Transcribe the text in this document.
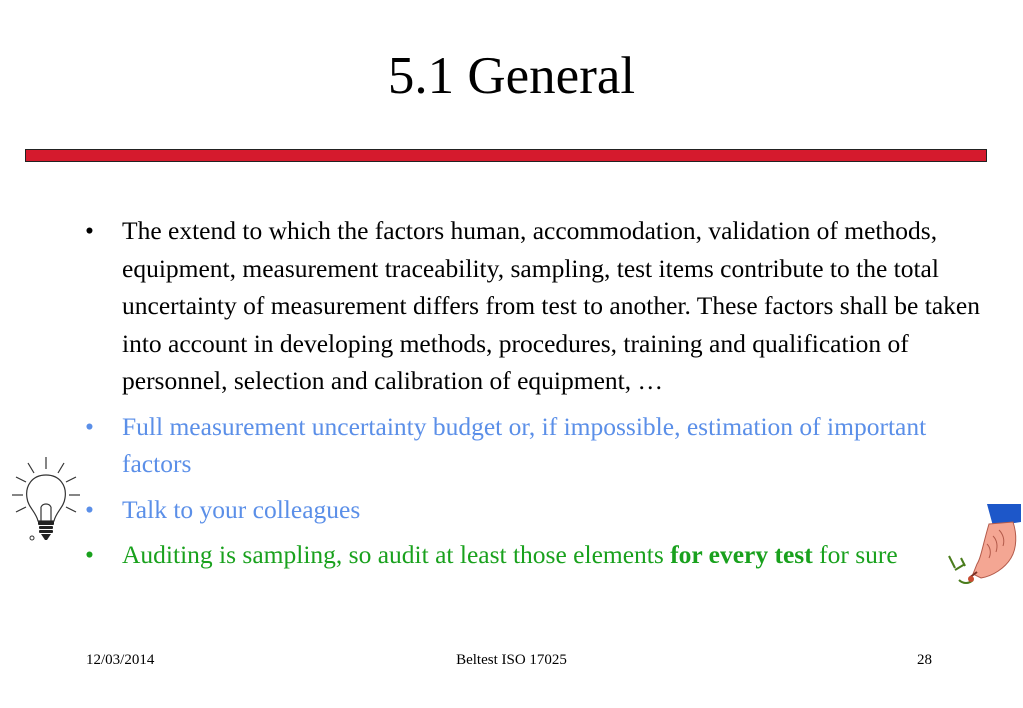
5.1 General
• The extend to which the factors human, accommodation, validation of methods, equipment, measurement traceability, sampling, test items contribute to the total uncertainty of measurement differs from test to another. These factors shall be taken into account in developing methods, procedures, training and qualification of personnel, selection and calibration of equipment, …
• Full measurement uncertainty budget or, if impossible, estimation of important factors
• Talk to your colleagues
• Auditing is sampling, so audit at least those elements for every test for sure
12/03/2014	Beltest ISO 17025	28
